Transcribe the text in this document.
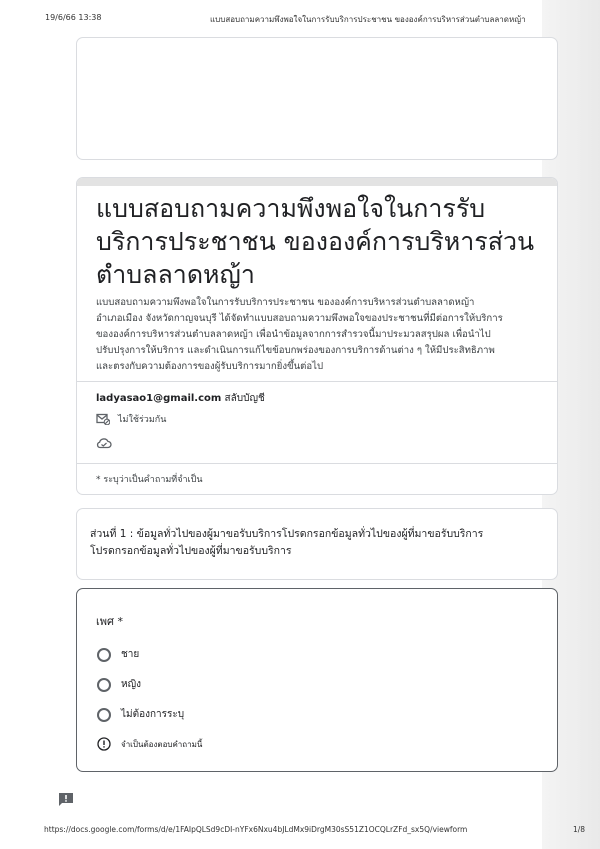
19/6/66 13:38	แบบสอบถามความพึงพอใจในการรับบริการประชาชน ขององค์การบริหารส่วนตำบลลาดหญ้า
แบบสอบถามความพึงพอใจในการรับบริการประชาชน ขององค์การบริหารส่วนตำบลลาดหญ้า
แบบสอบถามความพึงพอใจในการรับบริการประชาชน ขององค์การบริหารส่วนตำบลลาดหญ้า
อำเภอเมือง จังหวัดกาญจนบุรี ได้จัดทำแบบสอบถามความพึงพอใจของประชาชนที่มีต่อการให้บริการ
ขององค์การบริหารส่วนตำบลลาดหญ้า เพื่อนำข้อมูลจากการสำรวจนี้มาประมวลสรุปผล เพื่อนำไป
ปรับปรุงการให้บริการ และดำเนินการแก้ไขข้อบกพร่องของการบริการด้านต่าง ๆ ให้มีประสิทธิภาพ
และตรงกับความต้องการของผู้รับบริการมากยิ่งขึ้นต่อไป
ladyasao1@gmail.com สลับบัญชี
ไม่ใช้ร่วมกัน
* ระบุว่าเป็นคำถามที่จำเป็น
ส่วนที่ 1 : ข้อมูลทั่วไปของผู้มาขอรับบริการโปรดกรอกข้อมูลทั่วไปของผู้ที่มาขอรับบริการ
โปรดกรอกข้อมูลทั่วไปของผู้ที่มาขอรับบริการ
เพศ *
ชาย
หญิง
ไม่ต้องการระบุ
จำเป็นต้องตอบคำถามนี้
https://docs.google.com/forms/d/e/1FAIpQLSd9cDI-nYFx6Nxu4bJLdMx9iDrgM30sS51Z1OCQLrZFd_sx5Q/viewform	1/8
